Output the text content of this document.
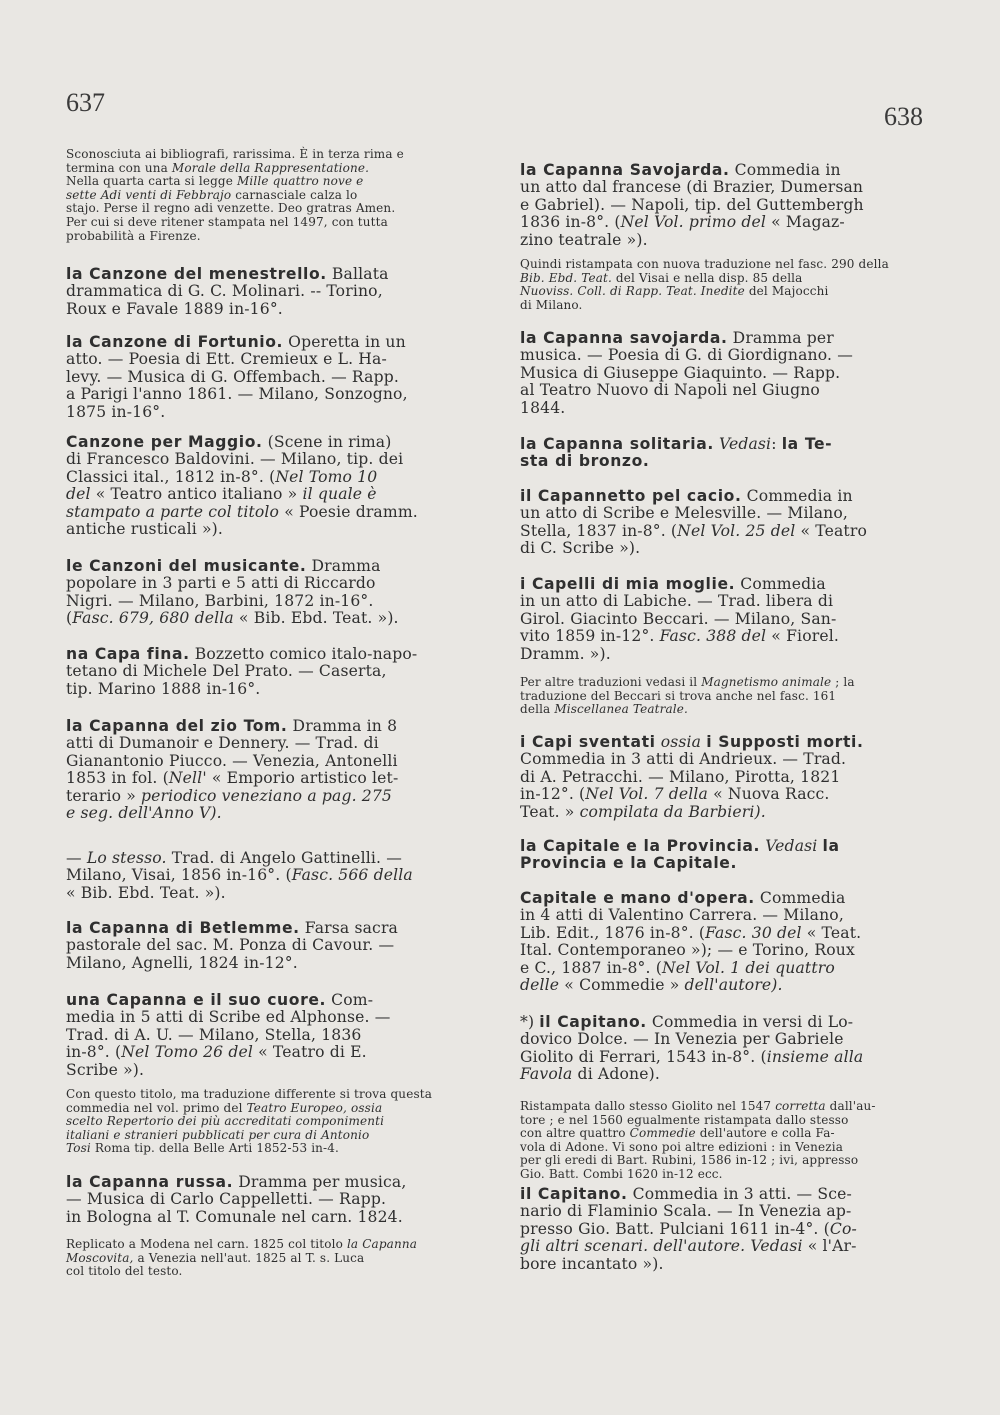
637	638
Sconosciuta ai bibliografi, rarissima. È in terza rima e
termina con una Morale della Rappresentatione.
Nella quarta carta si legge Mille quattro nove e
sette Adi venti di Febbrajo carnasciale calza lo
stajo. Perse il regno adi venzette. Deo gratras Amen.
Per cui si deve ritener stampata nel 1497, con tutta
probabilità a Firenze.
la Canzone del menestrello. Ballata
drammatica di G. C. Molinari. -- Torino,
Roux e Favale 1889 in-16°.
la Canzone di Fortunio. Operetta in un
atto. — Poesia di Ett. Cremieux e L. Ha-
levy. — Musica di G. Offembach. — Rapp.
a Parigi l'anno 1861. — Milano, Sonzogno,
1875 in-16°.
Canzone per Maggio. (Scene in rima)
di Francesco Baldovini. — Milano, tip. dei
Classici ital., 1812 in-8°. (Nel Tomo 10
del « Teatro antico italiano » il quale è
stampato a parte col titolo « Poesie dramm.
antiche rusticali »).
le Canzoni del musicante. Dramma
popolare in 3 parti e 5 atti di Riccardo
Nigri. — Milano, Barbini, 1872 in-16°.
(Fasc. 679, 680 della « Bib. Ebd. Teat. »).
na Capa fina. Bozzetto comico italo-napo-
tetano di Michele Del Prato. — Caserta,
tip. Marino 1888 in-16°.
la Capanna del zio Tom. Dramma in 8
atti di Dumanoir e Dennery. — Trad. di
Gianantonio Piucco. — Venezia, Antonelli
1853 in fol. (Nell' « Emporio artistico let-
terario » periodico veneziano a pag. 275
e seg. dell'Anno V).
— Lo stesso. Trad. di Angelo Gattinelli. —
Milano, Visai, 1856 in-16°. (Fasc. 566 della
« Bib. Ebd. Teat. »).
la Capanna di Betlemme. Farsa sacra
pastorale del sac. M. Ponza di Cavour. —
Milano, Agnelli, 1824 in-12°.
una Capanna e il suo cuore. Com-
media in 5 atti di Scribe ed Alphonse. —
Trad. di A. U. — Milano, Stella, 1836
in-8°. (Nel Tomo 26 del « Teatro di E.
Scribe »).
Con questo titolo, ma traduzione differente si trova questa
commedia nel vol. primo del Teatro Europeo, ossia
scelto Repertorio dei più accreditati componimenti
italiani e stranieri pubblicati per cura di Antonio
Tosi Roma tip. della Belle Arti 1852-53 in-4.
la Capanna russa. Dramma per musica,
— Musica di Carlo Cappelletti. — Rapp.
in Bologna al T. Comunale nel carn. 1824.
Replicato a Modena nel carn. 1825 col titolo la Capanna
Moscovita, a Venezia nell'aut. 1825 al T. s. Luca
col titolo del testo.
la Capanna Savojarda. Commedia in
un atto dal francese (di Brazier, Dumersan
e Gabriel). — Napoli, tip. del Guttembergh
1836 in-8°. (Nel Vol. primo del « Magaz-
zino teatrale »).
Quindi ristampata con nuova traduzione nel fasc. 290 della
Bib. Ebd. Teat. del Visai e nella disp. 85 della
Nuoviss. Coll. di Rapp. Teat. Inedite del Majocchi
di Milano.
la Capanna savojarda. Dramma per
musica. — Poesia di G. di Giordignano. —
Musica di Giuseppe Giaquinto. — Rapp.
al Teatro Nuovo di Napoli nel Giugno
1844.
la Capanna solitaria. Vedasi: la Te-
sta di bronzo.
il Capannetto pel cacio. Commedia in
un atto di Scribe e Melesville. — Milano,
Stella, 1837 in-8°. (Nel Vol. 25 del « Teatro
di C. Scribe »).
i Capelli di mia moglie. Commedia
in un atto di Labiche. — Trad. libera di
Girol. Giacinto Beccari. — Milano, San-
vito 1859 in-12°. Fasc. 388 del « Fiorel.
Dramm. »).
Per altre traduzioni vedasi il Magnetismo animale ; la
traduzione del Beccari si trova anche nel fasc. 161
della Miscellanea Teatrale.
i Capi sventati ossia i Supposti morti.
Commedia in 3 atti di Andrieux. — Trad.
di A. Petracchi. — Milano, Pirotta, 1821
in-12°. (Nel Vol. 7 della « Nuova Racc.
Teat. » compilata da Barbieri).
la Capitale e la Provincia. Vedasi la
Provincia e la Capitale.
Capitale e mano d'opera. Commedia
in 4 atti di Valentino Carrera. — Milano,
Lib. Edit., 1876 in-8°. (Fasc. 30 del « Teat.
Ital. Contemporaneo »); — e Torino, Roux
e C., 1887 in-8°. (Nel Vol. 1 dei quattro
delle « Commedie » dell'autore).
*) il Capitano. Commedia in versi di Lo-
dovico Dolce. — In Venezia per Gabriele
Giolito di Ferrari, 1543 in-8°. (insieme alla
Favola di Adone).
Ristampata dallo stesso Giolito nel 1547 corretta dall'au-
tore ; e nel 1560 egualmente ristampata dallo stesso
con altre quattro Commedie dell'autore e colla Fa-
vola di Adone. Vi sono poi altre edizioni : in Venezia
per gli eredi di Bart. Rubini, 1586 in-12 ; ivi, appresso
Gio. Batt. Combi 1620 in-12 ecc.
il Capitano. Commedia in 3 atti. — Sce-
nario di Flaminio Scala. — In Venezia ap-
presso Gio. Batt. Pulciani 1611 in-4°. (Co-
gli altri scenari. dell'autore. Vedasi « l'Ar-
bore incantato »).
